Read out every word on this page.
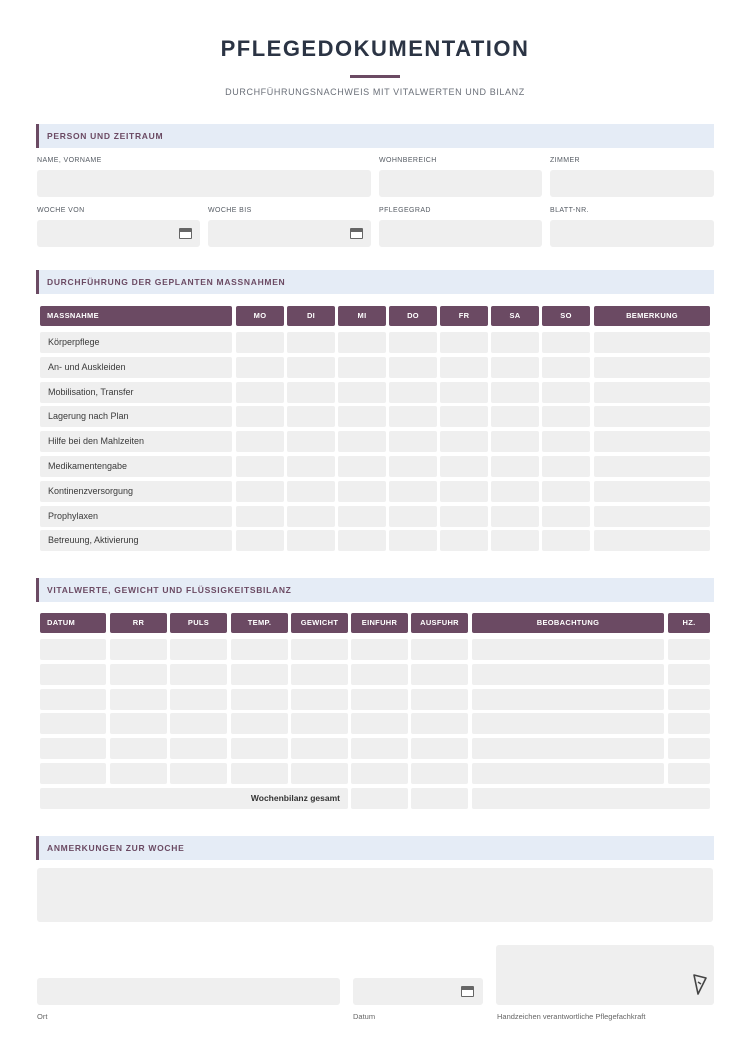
PFLEGEDOKUMENTATION
DURCHFÜHRUNGSNACHWEIS MIT VITALWERTEN UND BILANZ
PERSON UND ZEITRAUM
NAME, VORNAME	WOHNBEREICH	ZIMMER
WOCHE VON	WOCHE BIS	PFLEGEGRAD	BLATT-NR.
DURCHFÜHRUNG DER GEPLANTEN MASSNAHMEN
MASSNAHME	MO	DI	MI	DO	FR	SA	SO	BEMERKUNG
Körperpflege
An- und Auskleiden
Mobilisation, Transfer
Lagerung nach Plan
Hilfe bei den Mahlzeiten
Medikamentengabe
Kontinenzversorgung
Prophylaxen
Betreuung, Aktivierung
VITALWERTE, GEWICHT UND FLÜSSIGKEITSBILANZ
DATUM	RR	PULS	TEMP.	GEWICHT	EINFUHR	AUSFUHR	BEOBACHTUNG	HZ.
Wochenbilanz gesamt
ANMERKUNGEN ZUR WOCHE
Ort	Datum	Handzeichen verantwortliche Pflegefachkraft
